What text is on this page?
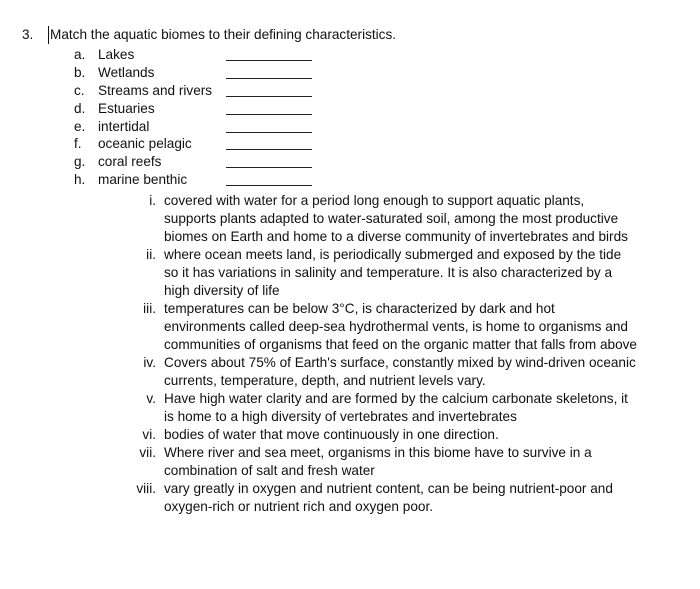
3.	Match the aquatic biomes to their defining characteristics.
a. Lakes
b. Wetlands
c. Streams and rivers
d. Estuaries
e. intertidal
f.	oceanic pelagic
g. coral reefs
h. marine benthic
i. covered with water for a period long enough to support aquatic plants, supports plants adapted to water-saturated soil, among the most productive biomes on Earth and home to a diverse community of invertebrates and birds
ii. where ocean meets land, is periodically submerged and exposed by the tide so it has variations in salinity and temperature. It is also characterized by a high diversity of life
iii. temperatures can be below 3°C, is characterized by dark and hot environments called deep-sea hydrothermal vents, is home to organisms and communities of organisms that feed on the organic matter that falls from above
iv. Covers about 75% of Earth's surface, constantly mixed by wind-driven oceanic currents, temperature, depth, and nutrient levels vary.
v. Have high water clarity and are formed by the calcium carbonate skeletons, it is home to a high diversity of vertebrates and invertebrates
vi. bodies of water that move continuously in one direction.
vii. Where river and sea meet, organisms in this biome have to survive in a combination of salt and fresh water
viii. vary greatly in oxygen and nutrient content, can be being nutrient-poor and oxygen-rich or nutrient rich and oxygen poor.
